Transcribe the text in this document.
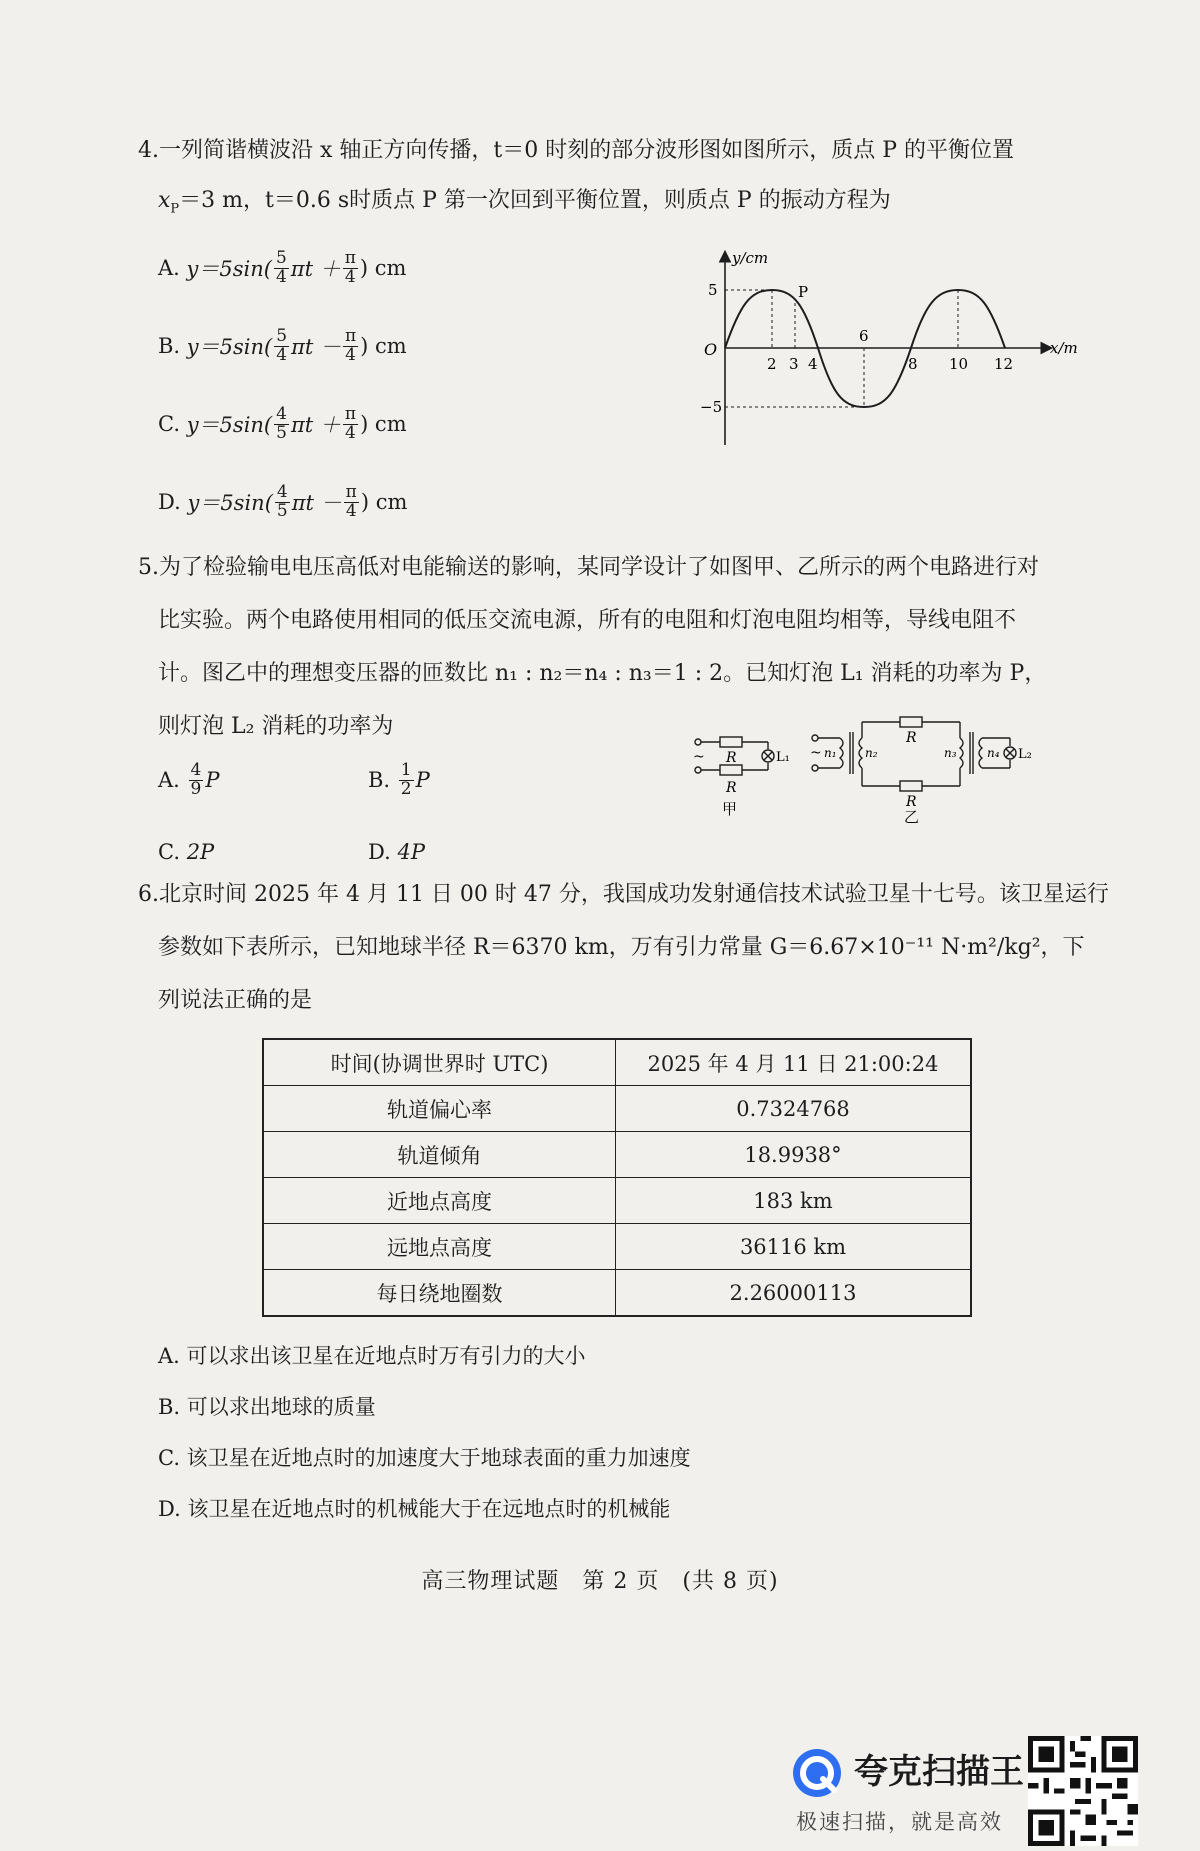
4.一列简谐横波沿 x 轴正方向传播，t＝0 时刻的部分波形图如图所示，质点 P 的平衡位置
$x_P=3$ m，t＝0.6 s时质点 P 第一次回到平衡位置，则质点 P 的振动方程为
A.
$y=5\sin( \frac{5}{4}$ $\pi t + \frac{\pi}{4}$ ) cm
B.
$y=5\sin( \frac{5}{4}$ $\pi t - \frac{\pi}{4}$ ) cm
C.
$y=5\sin( \frac{4}{5}$ $\pi t + \frac{\pi}{4}$ ) cm
D.
$y=5\sin( \frac{4}{5}$ $\pi t - \frac{\pi}{4}$ ) cm
y/cm
x/m
O
5
−5
2 3 4
6
8 10 12
P
5.为了检验输电电压高低对电能输送的影响，某同学设计了如图甲、乙所示的两个电路进行对
比实验。两个电路使用相同的低压交流电源，所有的电阻和灯泡电阻均相等，导线电阻不
计。图乙中的理想变压器的匝数比 n₁ : n₂＝n₄ : n₃＝1 : 2。已知灯泡 L₁ 消耗的功率为 P，
则灯泡 L₂ 消耗的功率为
A.
$\frac{4}{9}$ P	B.
$\frac{1}{2}$ P
C.
2P	D.
4P
~ R
R
L₁
甲
~ n₁ n₂	n₃	n₄
R
R
L₂
乙
6.北京时间 2025 年 4 月 11 日 00 时 47 分，我国成功发射通信技术试验卫星十七号。该卫星运行
参数如下表所示，已知地球半径 R＝6370 km，万有引力常量 G＝6.67×10⁻¹¹ N·m²/kg²，下
列说法正确的是
时间(协调世界时 UTC)	2025 年 4 月 11 日 21:00:24
轨道偏心率	0.7324768
轨道倾角	18.9938°
近地点高度	183 km
远地点高度	36116 km
每日绕地圈数	2.26000113
A. 可以求出该卫星在近地点时万有引力的大小
B. 可以求出地球的质量
C. 该卫星在近地点时的加速度大于地球表面的重力加速度
D. 该卫星在近地点时的机械能大于在远地点时的机械能
高三物理试题　第 2 页　(共 8 页)
夸克扫描王
极速扫描，就是高效
